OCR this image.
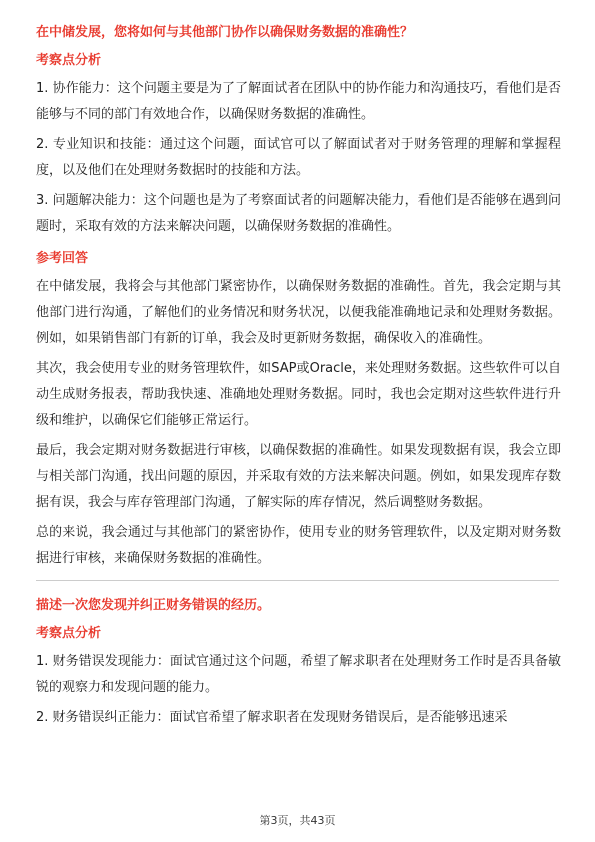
在中储发展，您将如何与其他部门协作以确保财务数据的准确性？
考察点分析

1. 协作能力：这个问题主要是为了了解面试者在团队中的协作能力和沟通技巧，看他们是否能够与不同的部门有效地合作，以确保财务数据的准确性。

2. 专业知识和技能：通过这个问题，面试官可以了解面试者对于财务管理的理解和掌握程度，以及他们在处理财务数据时的技能和方法。

3. 问题解决能力：这个问题也是为了考察面试者的问题解决能力，看他们是否能够在遇到问题时，采取有效的方法来解决问题，以确保财务数据的准确性。

参考回答

在中储发展，我将会与其他部门紧密协作，以确保财务数据的准确性。首先，我会定期与其他部门进行沟通，了解他们的业务情况和财务状况，以便我能准确地记录和处理财务数据。例如，如果销售部门有新的订单，我会及时更新财务数据，确保收入的准确性。

其次，我会使用专业的财务管理软件，如SAP或Oracle，来处理财务数据。这些软件可以自动生成财务报表，帮助我快速、准确地处理财务数据。同时，我也会定期对这些软件进行升级和维护，以确保它们能够正常运行。

最后，我会定期对财务数据进行审核，以确保数据的准确性。如果发现数据有误，我会立即与相关部门沟通，找出问题的原因，并采取有效的方法来解决问题。例如，如果发现库存数据有误，我会与库存管理部门沟通，了解实际的库存情况，然后调整财务数据。

总的来说，我会通过与其他部门的紧密协作，使用专业的财务管理软件，以及定期对财务数据进行审核，来确保财务数据的准确性。

描述一次您发现并纠正财务错误的经历。
考察点分析

1. 财务错误发现能力：面试官通过这个问题，希望了解求职者在处理财务工作时是否具备敏锐的观察力和发现问题的能力。

2. 财务错误纠正能力：面试官希望了解求职者在发现财务错误后，是否能够迅速采

第3页，共43页
